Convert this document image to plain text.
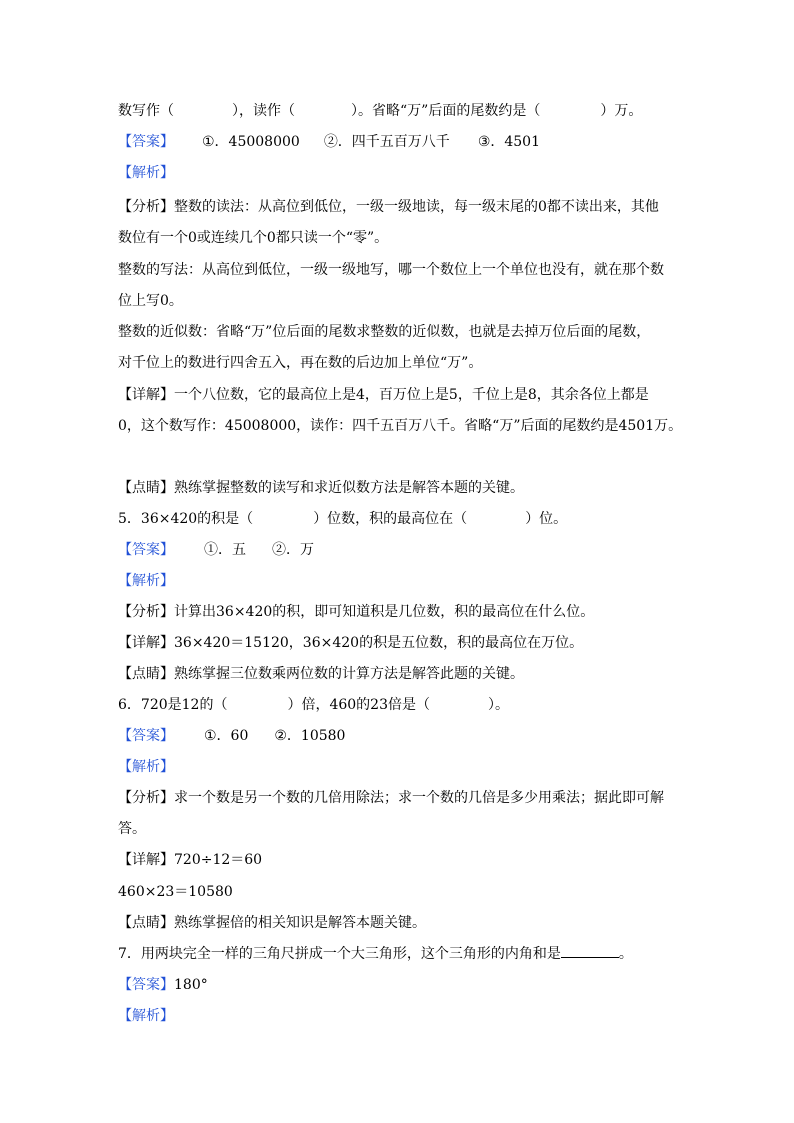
数写作（	），读作（	）。省略“万”后面的尾数约是（	）万。
【答案】 ①．45008000 ②．四千五百万八千 ③．4501
【解析】
【分析】整数的读法：从高位到低位，一级一级地读，每一级末尾的0都不读出来，其他
数位有一个0或连续几个0都只读一个“零”。
整数的写法：从高位到低位，一级一级地写，哪一个数位上一个单位也没有，就在那个数
位上写0。
整数的近似数：省略“万”位后面的尾数求整数的近似数，也就是去掉万位后面的尾数，
对千位上的数进行四舍五入，再在数的后边加上单位“万”。
【详解】一个八位数，它的最高位上是4，百万位上是5，千位上是8，其余各位上都是
0，这个数写作：45008000，读作：四千五百万八千。省略“万”后面的尾数约是4501万。
【点睛】熟练掌握整数的读写和求近似数方法是解答本题的关键。
5．36×420的积是（	）位数，积的最高位在（	）位。
【答案】 ①．五 ②．万
【解析】
【分析】计算出36×420的积，即可知道积是几位数，积的最高位在什么位。
【详解】36×420＝15120，36×420的积是五位数，积的最高位在万位。
【点睛】熟练掌握三位数乘两位数的计算方法是解答此题的关键。
6．720是12的（	）倍，460的23倍是（	）。
【答案】 ①．60 ②．10580
【解析】
【分析】求一个数是另一个数的几倍用除法；求一个数的几倍是多少用乘法；据此即可解
答。
【详解】720÷12＝60
460×23＝10580
【点睛】熟练掌握倍的相关知识是解答本题关键。
7．用两块完全一样的三角尺拼成一个大三角形，这个三角形的内角和是	。
【答案】180°
【解析】
